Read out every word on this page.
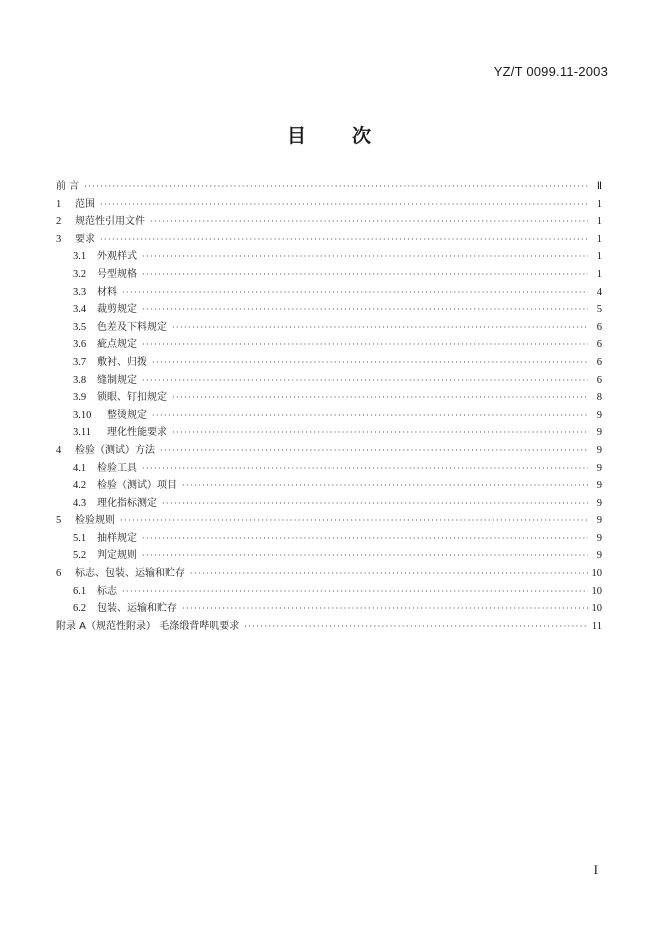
YZ/T 0099.11-2003
目 次
前 言 ·····	Ⅱ
1	范围 ·····	1
2	规范性引用文件 ·····	1
3	要求 ·····	1
3.1	外观样式 ·····	1
3.2	号型规格 ·····	1
3.3	材料 ·····	4
3.4	裁剪规定 ·····	5
3.5	色差及下料规定 ·····	6
3.6	疵点规定 ·····	6
3.7	敷衬、归拨 ·····	6
3.8	缝制规定 ·····	6
3.9	锁眼、钉扣规定 ·····	8
3.10	整烫规定 ·····	9
3.11	理化性能要求 ·····	9
4	检验（测试）方法 ·····	9
4.1	检验工具 ·····	9
4.2	检验（测试）项目 ·····	9
4.3	理化指标测定 ·····	9
5	检验规则 ·····	9
5.1	抽样规定 ·····	9
5.2	判定规则 ·····	9
6	标志、包装、运输和贮存 ·····	10
6.1	标志 ·····	10
6.2	包装、运输和贮存 ·····	10
附录 A（规范性附录） 毛涤缎背哔叽要求 ·····	11
I
